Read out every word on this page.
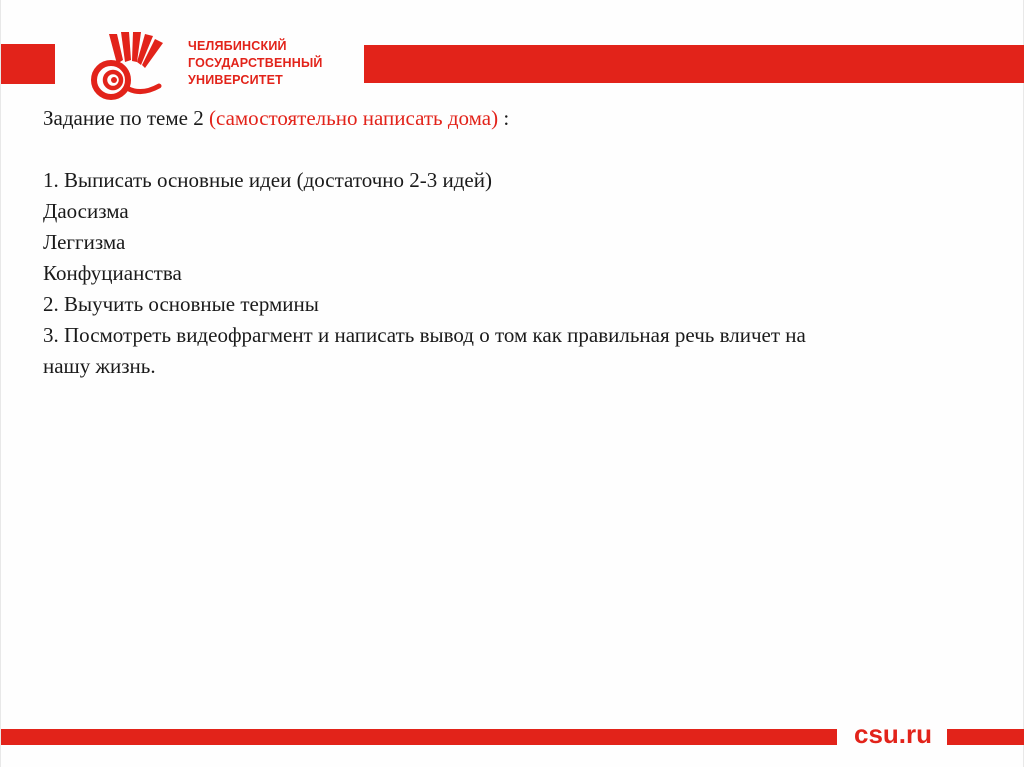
ЧЕЛЯБИНСКИЙ
ГОСУДАРСТВЕННЫЙ
УНИВЕРСИТЕТ
Задание по теме 2 (самостоятельно написать дома) :
1. Выписать основные идеи (достаточно 2-3 идей)
Даосизма
Леггизма
Конфуцианства
2. Выучить основные термины
3. Посмотреть видеофрагмент и написать вывод о том как правильная речь вличет на
нашу жизнь.
csu.ru
